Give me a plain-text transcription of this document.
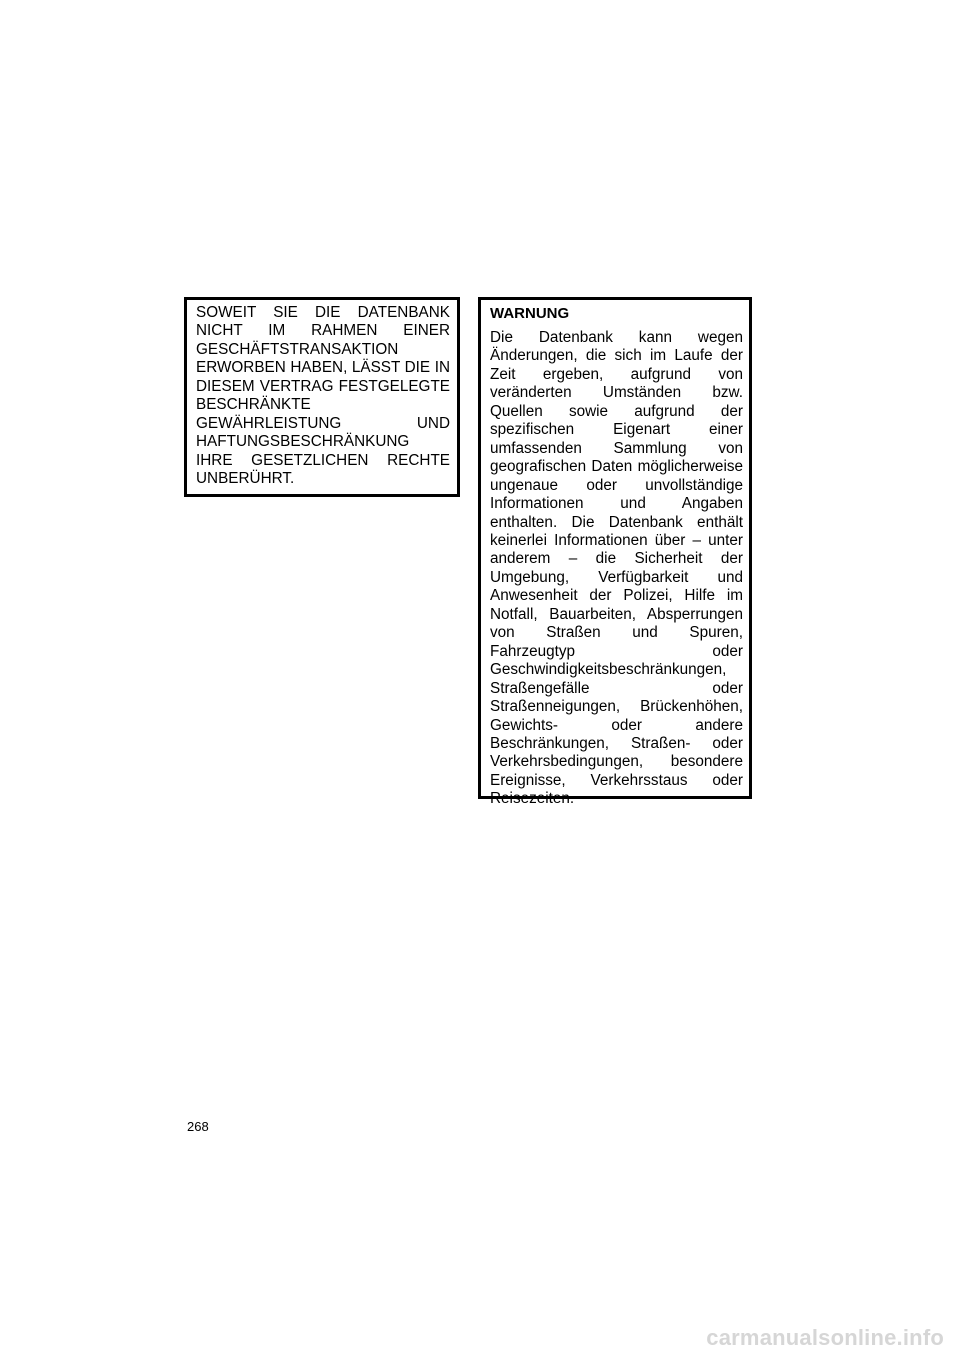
SOWEIT SIE DIE DATENBANK NICHT IM RAHMEN EINER GESCHÄFTSTRANSAKTION ERWORBEN HABEN, LÄSST DIE IN DIESEM VERTRAG FESTGELEGTE BESCHRÄNKTE GEWÄHRLEISTUNG UND HAFTUNGSBESCHRÄNKUNG IHRE GESETZLICHEN RECHTE UNBERÜHRT.

WARNUNG

Die Datenbank kann wegen Änderungen, die sich im Laufe der Zeit ergeben, aufgrund von veränderten Umständen bzw. Quellen sowie aufgrund der spezifischen Eigenart einer umfassenden Sammlung von geografischen Daten möglicherweise ungenaue oder unvollständige Informationen und Angaben enthalten. Die Datenbank enthält keinerlei Informationen über – unter anderem – die Sicherheit der Umgebung, Verfügbarkeit und Anwesenheit der Polizei, Hilfe im Notfall, Bauarbeiten, Absperrungen von Straßen und Spuren, Fahrzeugtyp oder Geschwindigkeitsbeschränkungen, Straßengefälle oder Straßenneigungen, Brückenhöhen, Gewichts- oder andere Beschränkungen, Straßen- oder Verkehrsbedingungen, besondere Ereignisse, Verkehrsstaus oder Reisezeiten.

268
carmanualsonline.info
